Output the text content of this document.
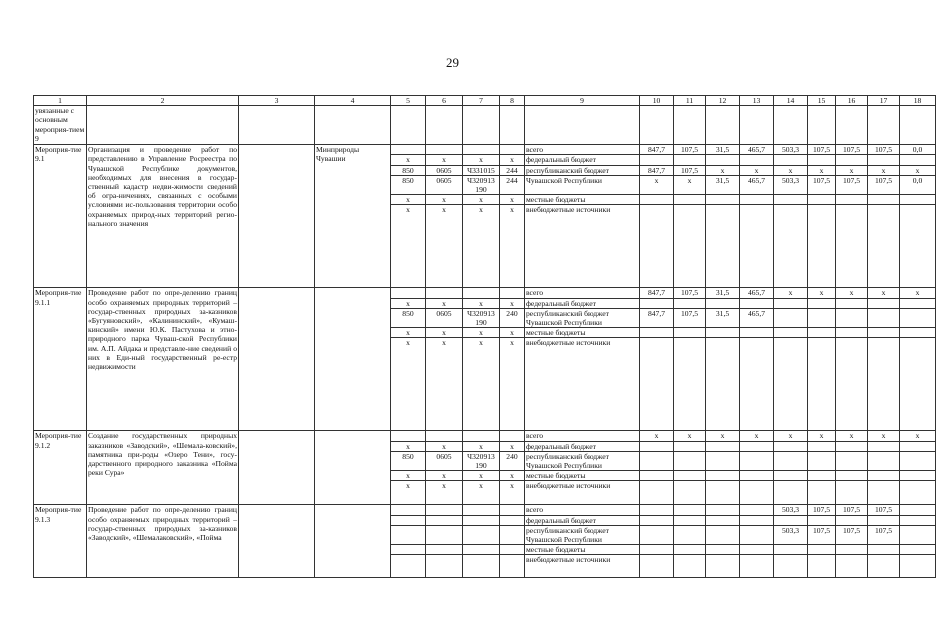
29
1	2	3	4	5	6	7	8	9	10	11	12	13	14	15	16	17	18
увязанные с основным мероприя-тием 9																	
Мероприя-тие 9.1	Организация и проведение работ по представлению в Управление Росреестра по Чувашской Республике документов, необходимых для внесения в государ-ственный кадастр недви-жимости сведений об огра-ничениях, связанных с особыми условиями ис-пользования территории особо охраняемых природ-ных территорий регио-нального значения		Минприроды Чувашии					всего	847,7	107,5	31,5	465,7	503,3	107,5	107,5	107,5	0,0
				x	x	x	x	федеральный бюджет									
				850	0605	Ч331015	244	республиканский бюджет	847,7	107,5	x	x	x	x	x	x	x
				850	0605	Ч320913 190	244	Чувашской Республики	x	x	31,5	465,7	503,3	107,5	107,5	107,5	0,0
				x	x	x	x	местные бюджеты									
				x	x	x	x	внебюджетные источники									
Мероприя-тие 9.1.1	Проведение работ по опре-делению границ особо охраняемых природных территорий – государ-ственных природных за-казников «Бугуяновский», «Калининский», «Кумаш-кинский» имени Ю.К. Пастухова и этно-природного парка Чуваш-ской Республики им. А.П. Айдака и представле-ние сведений о них в Еди-ный государственный ре-естр недвижимости							всего	847,7	107,5	31,5	465,7	x	x	x	x	x
				x	x	x	x	федеральный бюджет									
				850	0605	Ч320913 190	240	республиканский бюджет Чувашской Республики	847,7	107,5	31,5	465,7					
				x	x	x	x	местные бюджеты									
				x	x	x	x	внебюджетные источники									
Мероприя-тие 9.1.2	Создание государственных природных заказников «Заводский», «Шемала-ковский», памятника при-роды «Озеро Тени», госу-дарственного природного заказника «Пойма реки Сура»							всего	x	x	x	x	x	x	x	x	x
				x	x	x	x	федеральный бюджет									
				850	0605	Ч320913 190	240	республиканский бюджет Чувашской Республики									
				x	x	x	x	местные бюджеты									
				x	x	x	x	внебюджетные источники									
Мероприя-тие 9.1.3	Проведение работ по опре-делению границ особо охраняемых природных территорий – государ-ственных природных за-казников «Заводский», «Шемалаковский», «Пойма							всего					503,3	107,5	107,5	107,5	
								федеральный бюджет									
								республиканский бюджет Чувашской Республики					503,3	107,5	107,5	107,5	
								местные бюджеты									
								внебюджетные источники									
